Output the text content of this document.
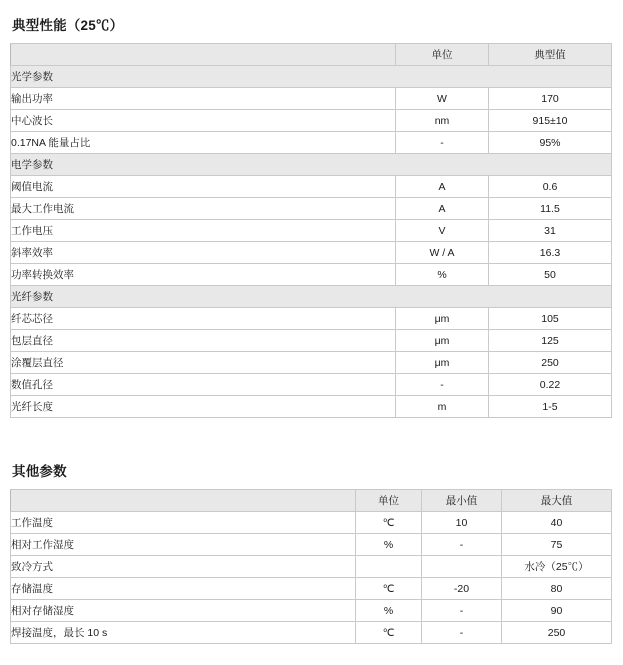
典型性能（25℃）
	单位	典型值
光学参数		
输出功率	W	170
中心波长	nm	915±10
0.17NA 能量占比	-	95%
电学参数		
阈值电流	A	0.6
最大工作电流	A	11.5
工作电压	V	31
斜率效率	W / A	16.3
功率转换效率	%	50
光纤参数		
纤芯芯径	μm	105
包层直径	μm	125
涂覆层直径	μm	250
数值孔径	-	0.22
光纤长度	m	1-5
其他参数
	单位	最小值	最大值
工作温度	℃	10	40
相对工作湿度	%	-	75
致冷方式			水冷（25℃）
存储温度	℃	-20	80
相对存储湿度	%	-	90
焊接温度，最长 10 s	℃	-	250
